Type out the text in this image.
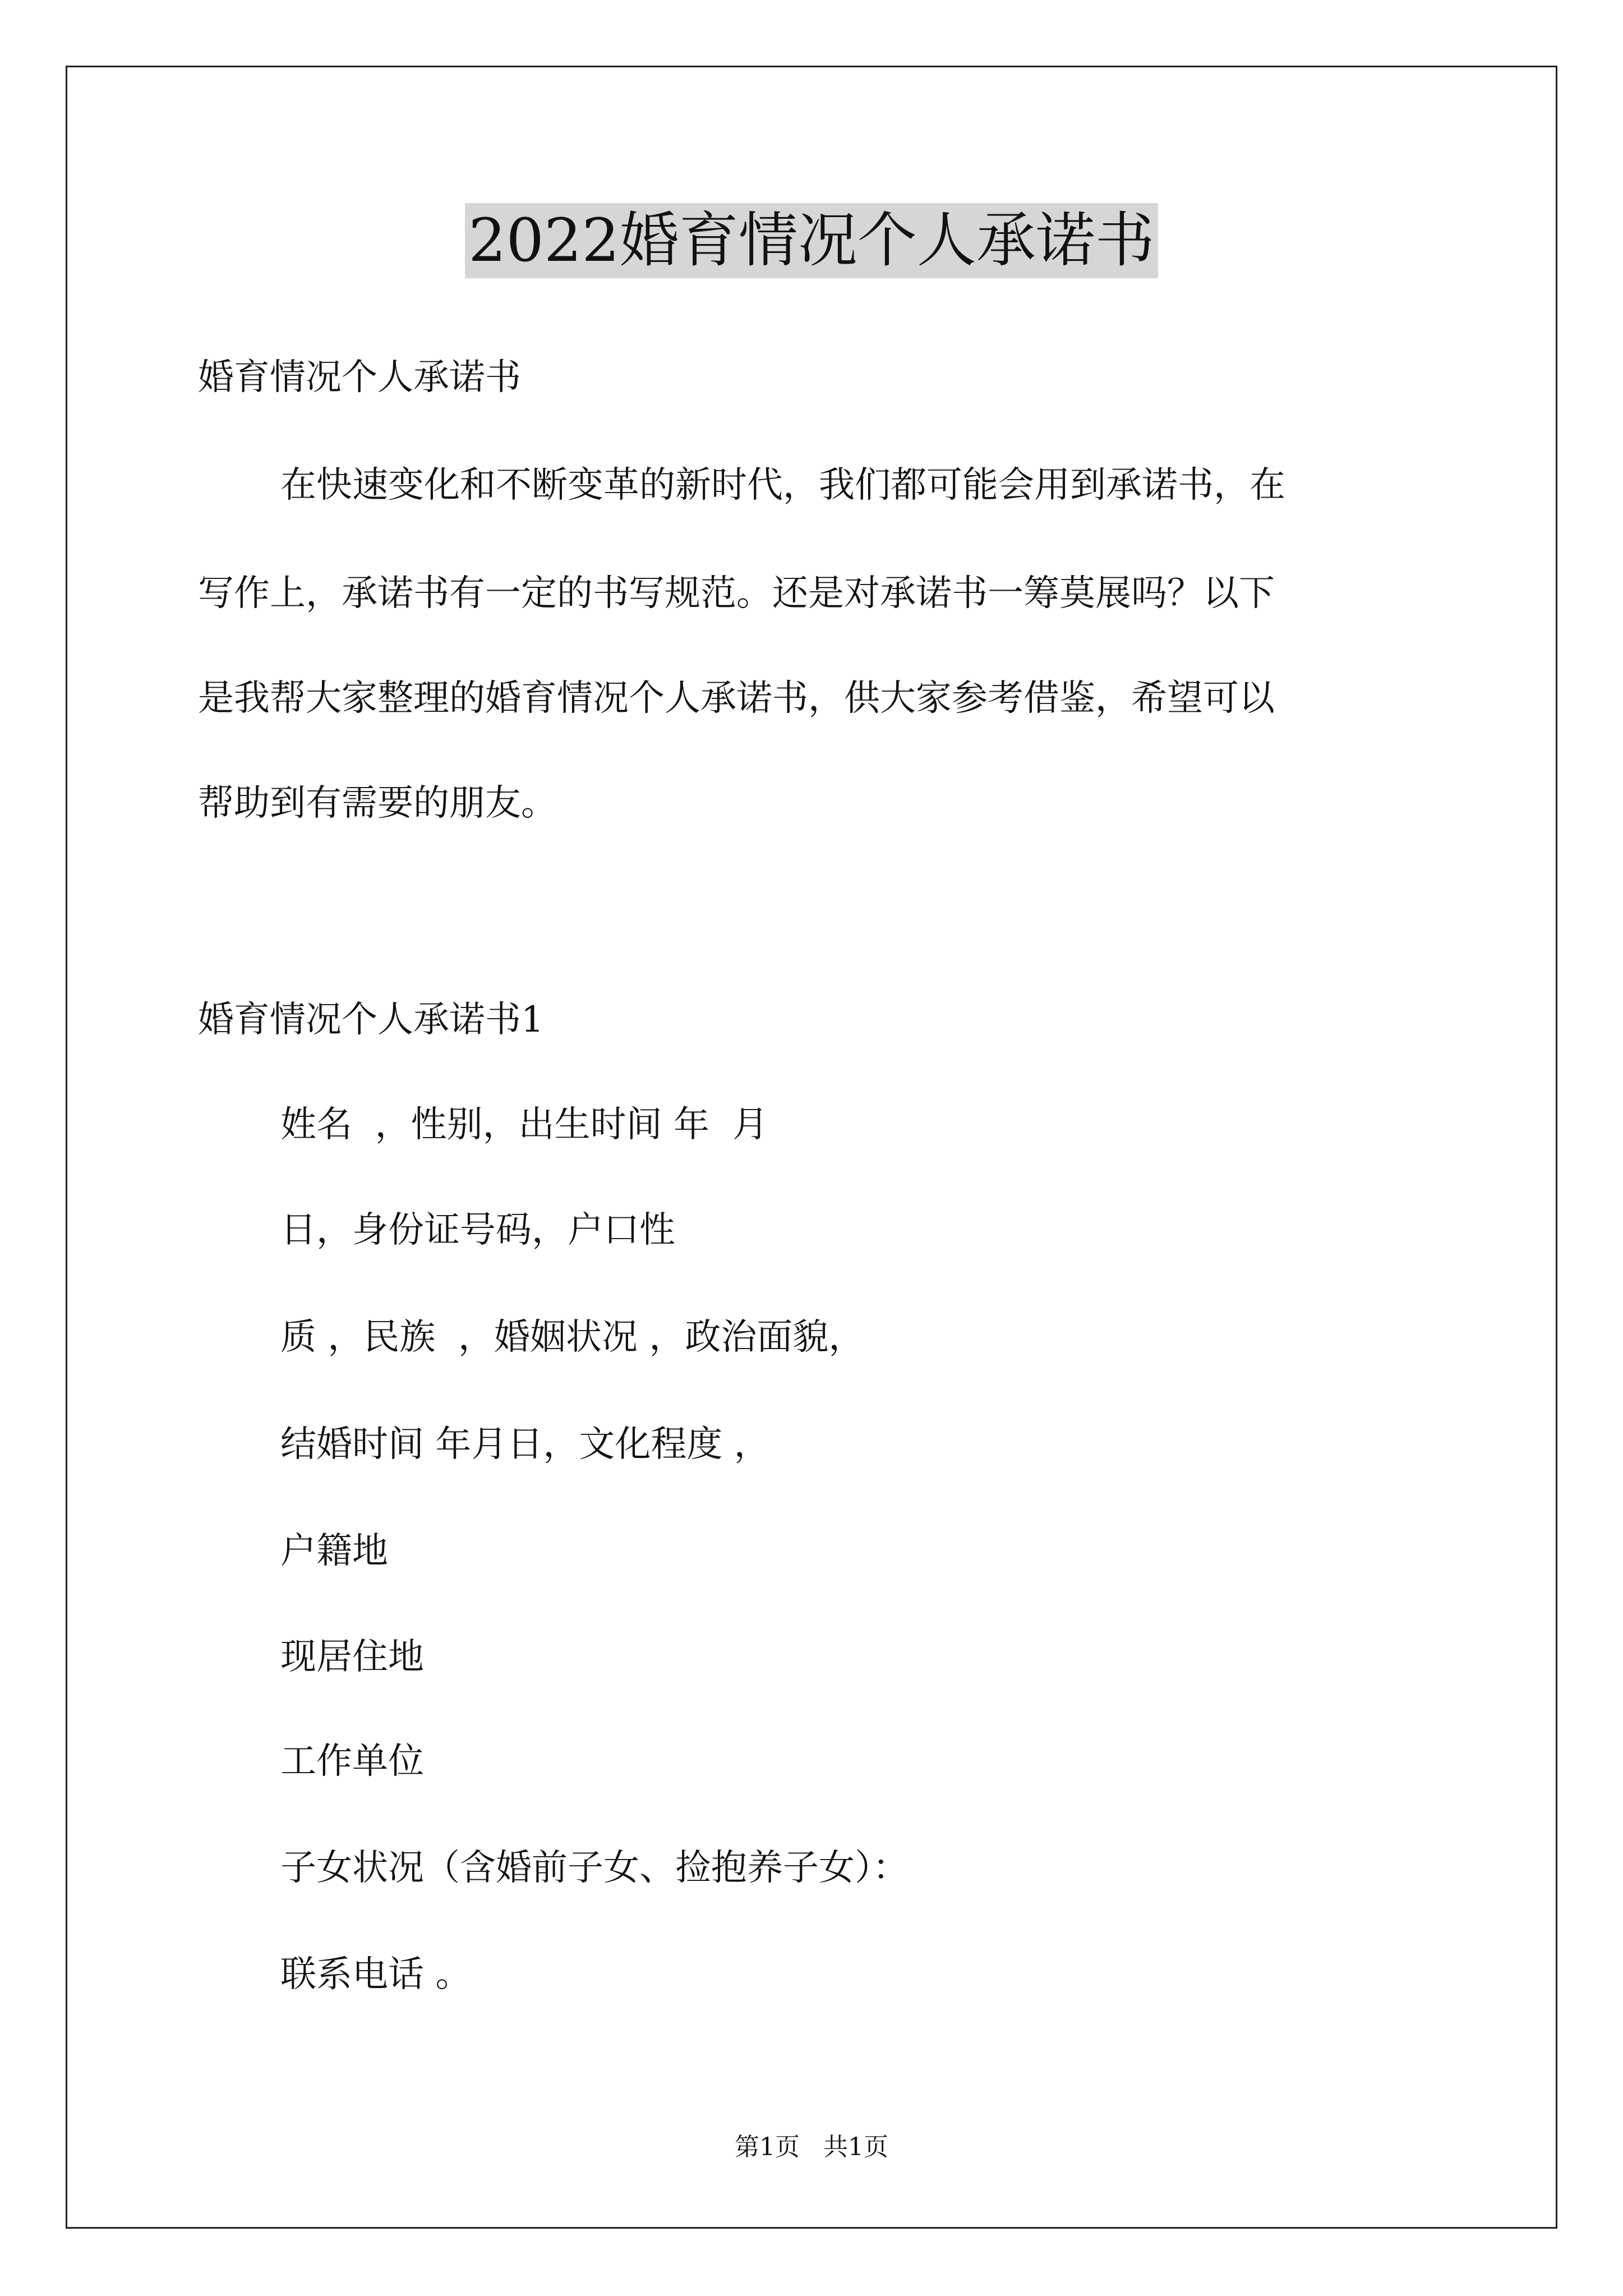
2022婚育情况个人承诺书
婚育情况个人承诺书
在快速变化和不断变革的新时代，我们都可能会用到承诺书，在
写作上，承诺书有一定的书写规范。还是对承诺书一筹莫展吗？以下
是我帮大家整理的婚育情况个人承诺书，供大家参考借鉴，希望可以
帮助到有需要的朋友。
婚育情况个人承诺书1
姓名  ，性别，出生时间 年  月
日，身份证号码，户口性
质 ，民族  ，婚姻状况 ，政治面貌，
结婚时间 年月日，文化程度 ，
户籍地
现居住地
工作单位
子女状况（含婚前子女、捡抱养子女）：
联系电话 。
第1页   共1页
